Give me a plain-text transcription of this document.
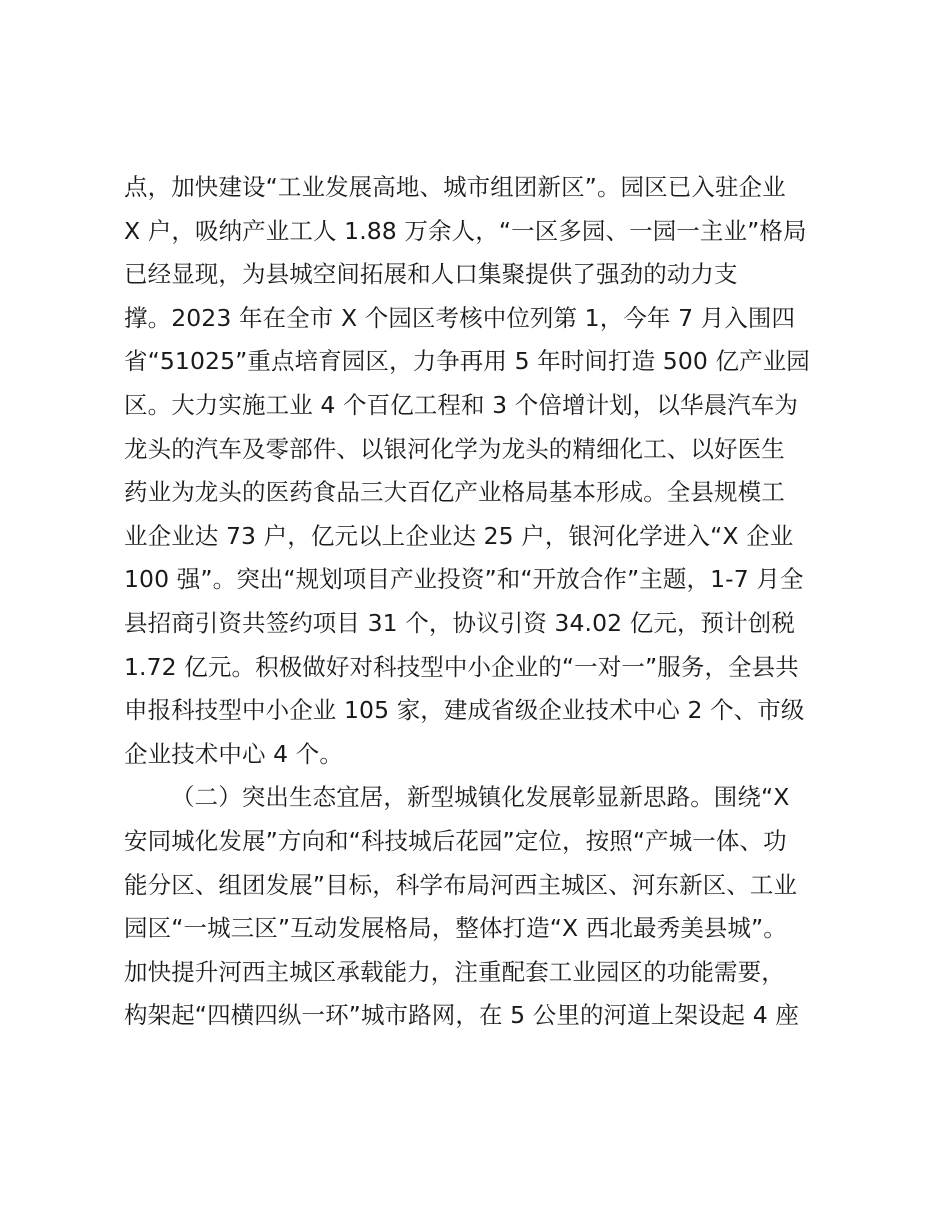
点，加快建设“工业发展高地、城市组团新区”。园区已入驻企业
X 户，吸纳产业工人 1.88 万余人，“一区多园、一园一主业”格局
已经显现，为县城空间拓展和人口集聚提供了强劲的动力支
撑。2023 年在全市 X 个园区考核中位列第 1，今年 7 月入围四
省“51025”重点培育园区，力争再用 5 年时间打造 500 亿产业园
区。大力实施工业 4 个百亿工程和 3 个倍增计划，以华晨汽车为
龙头的汽车及零部件、以银河化学为龙头的精细化工、以好医生
药业为龙头的医药食品三大百亿产业格局基本形成。全县规模工
业企业达 73 户，亿元以上企业达 25 户，银河化学进入“X 企业
100 强”。突出“规划项目产业投资”和“开放合作”主题，1-7 月全
县招商引资共签约项目 31 个，协议引资 34.02 亿元，预计创税
1.72 亿元。积极做好对科技型中小企业的“一对一”服务，全县共
申报科技型中小企业 105 家，建成省级企业技术中心 2 个、市级
企业技术中心 4 个。
（二）突出生态宜居，新型城镇化发展彰显新思路。围绕“X
安同城化发展”方向和“科技城后花园”定位，按照“产城一体、功
能分区、组团发展”目标，科学布局河西主城区、河东新区、工业
园区“一城三区”互动发展格局，整体打造“X 西北最秀美县城”。
加快提升河西主城区承载能力，注重配套工业园区的功能需要，
构架起“四横四纵一环”城市路网，在 5 公里的河道上架设起 4 座
